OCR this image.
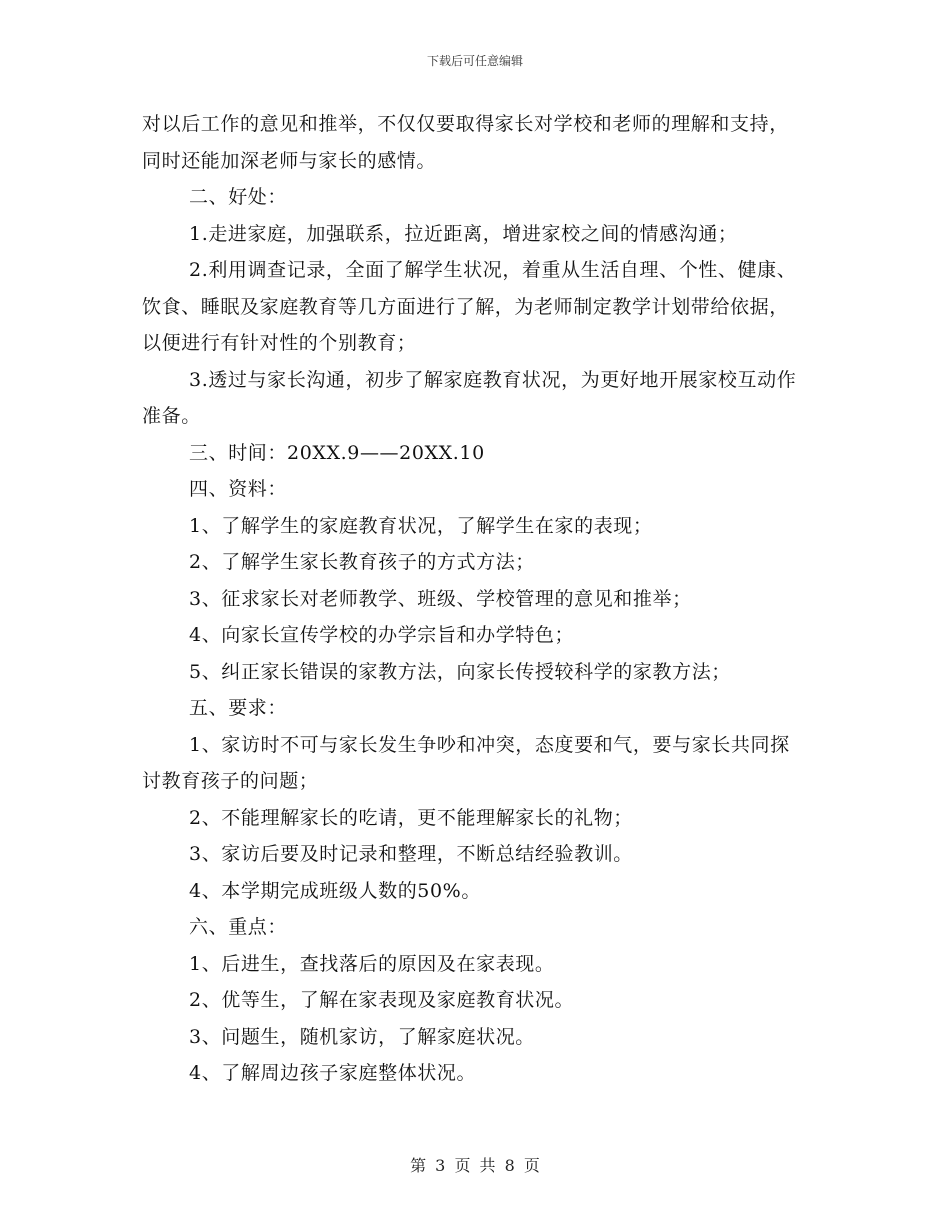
下载后可任意编辑

对以后工作的意见和推举，不仅仅要取得家长对学校和老师的理解和支持，同时还能加深老师与家长的感情。

二、好处：

1.走进家庭，加强联系，拉近距离，增进家校之间的情感沟通；

2.利用调查记录，全面了解学生状况，着重从生活自理、个性、健康、饮食、睡眠及家庭教育等几方面进行了解，为老师制定教学计划带给依据，以便进行有针对性的个别教育；

3.透过与家长沟通，初步了解家庭教育状况，为更好地开展家校互动作准备。

三、时间：20XX.9——20XX.10

四、资料：

1、了解学生的家庭教育状况，了解学生在家的表现；

2、了解学生家长教育孩子的方式方法；

3、征求家长对老师教学、班级、学校管理的意见和推举；

4、向家长宣传学校的办学宗旨和办学特色；

5、纠正家长错误的家教方法，向家长传授较科学的家教方法；

五、要求：

1、家访时不可与家长发生争吵和冲突，态度要和气，要与家长共同探讨教育孩子的问题；

2、不能理解家长的吃请，更不能理解家长的礼物；

3、家访后要及时记录和整理，不断总结经验教训。

4、本学期完成班级人数的50%。

六、重点：

1、后进生，查找落后的原因及在家表现。

2、优等生，了解在家表现及家庭教育状况。

3、问题生，随机家访，了解家庭状况。

4、了解周边孩子家庭整体状况。

第 3 页 共 8 页
